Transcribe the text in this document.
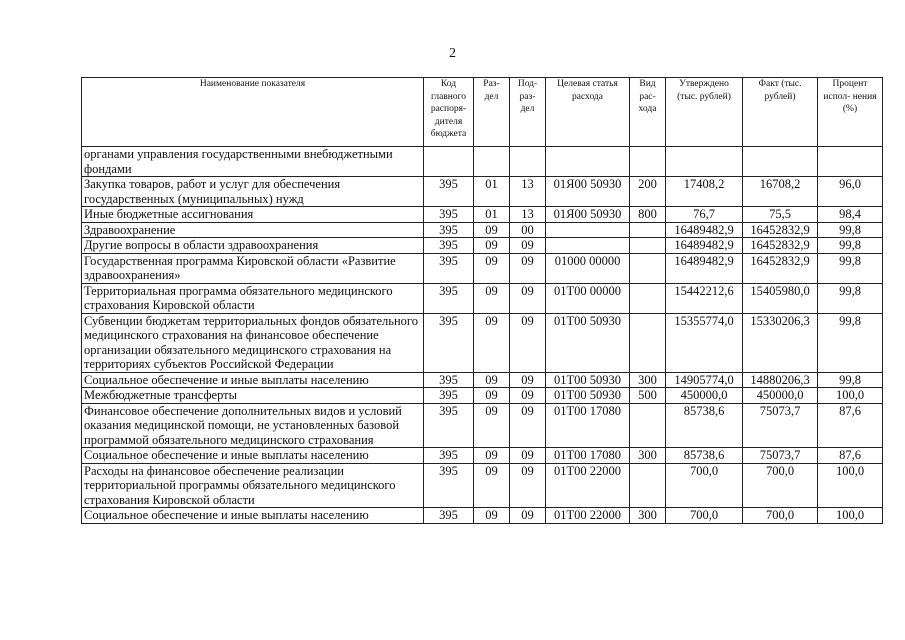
2
Наименование показателя	Код главного распоря- дителя бюджета	Раз- дел	Под- раз- дел	Целевая статья расхода	Вид рас- хода	Утверждено (тыс. рублей)	Факт (тыс. рублей)	Процент испол- нения (%)
органами управления государственными внебюджетными фондами								
Закупка товаров, работ и услуг для обеспечения государственных (муниципальных) нужд	395	01	13	01Я00 50930	200	17408,2	16708,2	96,0
Иные бюджетные ассигнования	395	01	13	01Я00 50930	800	76,7	75,5	98,4
Здравоохранение	395	09	00			16489482,9	16452832,9	99,8
Другие вопросы в области здравоохранения	395	09	09			16489482,9	16452832,9	99,8
Государственная программа Кировской области «Развитие здравоохранения»	395	09	09	01000 00000		16489482,9	16452832,9	99,8
Территориальная программа обязательного медицинского страхования Кировской области	395	09	09	01Т00 00000		15442212,6	15405980,0	99,8
Субвенции бюджетам территориальных фондов обязательного медицинского страхования на финансовое обеспечение организации обязательного медицинского страхования на территориях субъектов Российской Федерации	395	09	09	01Т00 50930		15355774,0	15330206,3	99,8
Социальное обеспечение и иные выплаты населению	395	09	09	01Т00 50930	300	14905774,0	14880206,3	99,8
Межбюджетные трансферты	395	09	09	01Т00 50930	500	450000,0	450000,0	100,0
Финансовое обеспечение дополнительных видов и условий оказания медицинской помощи, не установленных базовой программой обязательного медицинского страхования	395	09	09	01Т00 17080		85738,6	75073,7	87,6
Социальное обеспечение и иные выплаты населению	395	09	09	01Т00 17080	300	85738,6	75073,7	87,6
Расходы на финансовое обеспечение реализации территориальной программы обязательного медицинского страхования Кировской области	395	09	09	01Т00 22000		700,0	700,0	100,0
Социальное обеспечение и иные выплаты населению	395	09	09	01Т00 22000	300	700,0	700,0	100,0
